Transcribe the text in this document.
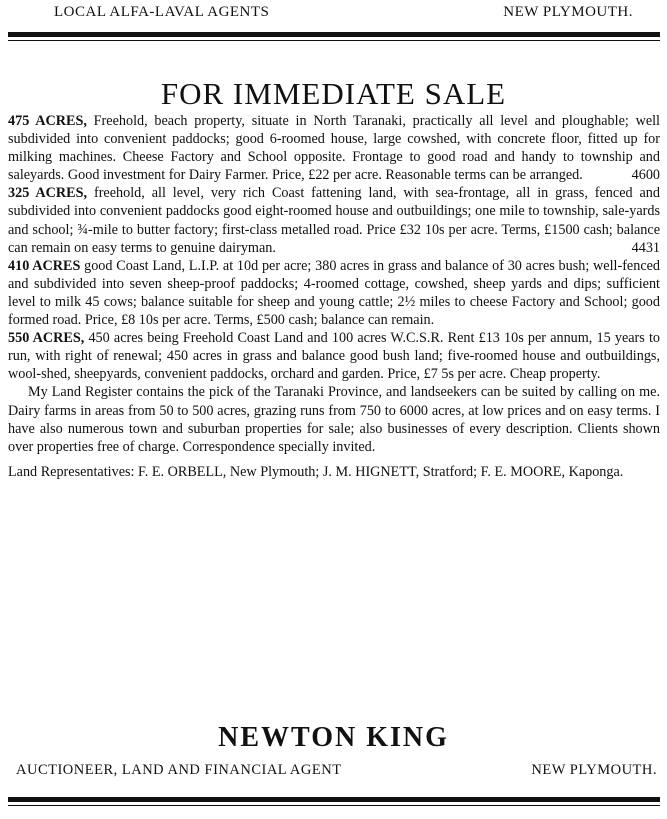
LOCAL ALFA-LAVAL AGENTS	NEW PLYMOUTH.
FOR IMMEDIATE SALE

475 ACRES, Freehold, beach property, situate in North Taranaki, practically all level and ploughable; well subdivided into convenient paddocks; good 6-roomed house, large cowshed, with concrete floor, fitted up for milking machines. Cheese Factory and School opposite. Frontage to good road and handy to township and saleyards. Good investment for Dairy Farmer. Price, £22 per acre. Reasonable terms can be arranged.	4600

325 ACRES, freehold, all level, very rich Coast fattening land, with sea-frontage, all in grass, fenced and subdivided into convenient paddocks good eight-roomed house and outbuildings; one mile to township, sale-yards and school; ¾-mile to butter factory; first-class metalled road. Price £32 10s per acre. Terms, £1500 cash; balance can remain on easy terms to genuine dairyman.	4431

410 ACRES good Coast Land, L.I.P. at 10d per acre; 380 acres in grass and balance of 30 acres bush; well-fenced and subdivided into seven sheep-proof paddocks; 4-roomed cottage, cowshed, sheep yards and dips; sufficient level to milk 45 cows; balance suitable for sheep and young cattle; 2½ miles to cheese Factory and School; good formed road. Price, £8 10s per acre. Terms, £500 cash; balance can remain.

550 ACRES, 450 acres being Freehold Coast Land and 100 acres W.C.S.R. Rent £13 10s per annum, 15 years to run, with right of renewal; 450 acres in grass and balance good bush land; five-roomed house and outbuildings, wool-shed, sheepyards, convenient paddocks, orchard and garden. Price, £7 5s per acre. Cheap property.

My Land Register contains the pick of the Taranaki Province, and landseekers can be suited by calling on me. Dairy farms in areas from 50 to 500 acres, grazing runs from 750 to 6000 acres, at low prices and on easy terms. I have also numerous town and suburban properties for sale; also businesses of every description. Clients shown over properties free of charge. Correspondence specially invited.

Land Representatives: F. E. ORBELL, New Plymouth; J. M. HIGNETT, Stratford; F. E. MOORE, Kaponga.

NEWTON KING
AUCTIONEER, LAND AND FINANCIAL AGENT	NEW PLYMOUTH.
